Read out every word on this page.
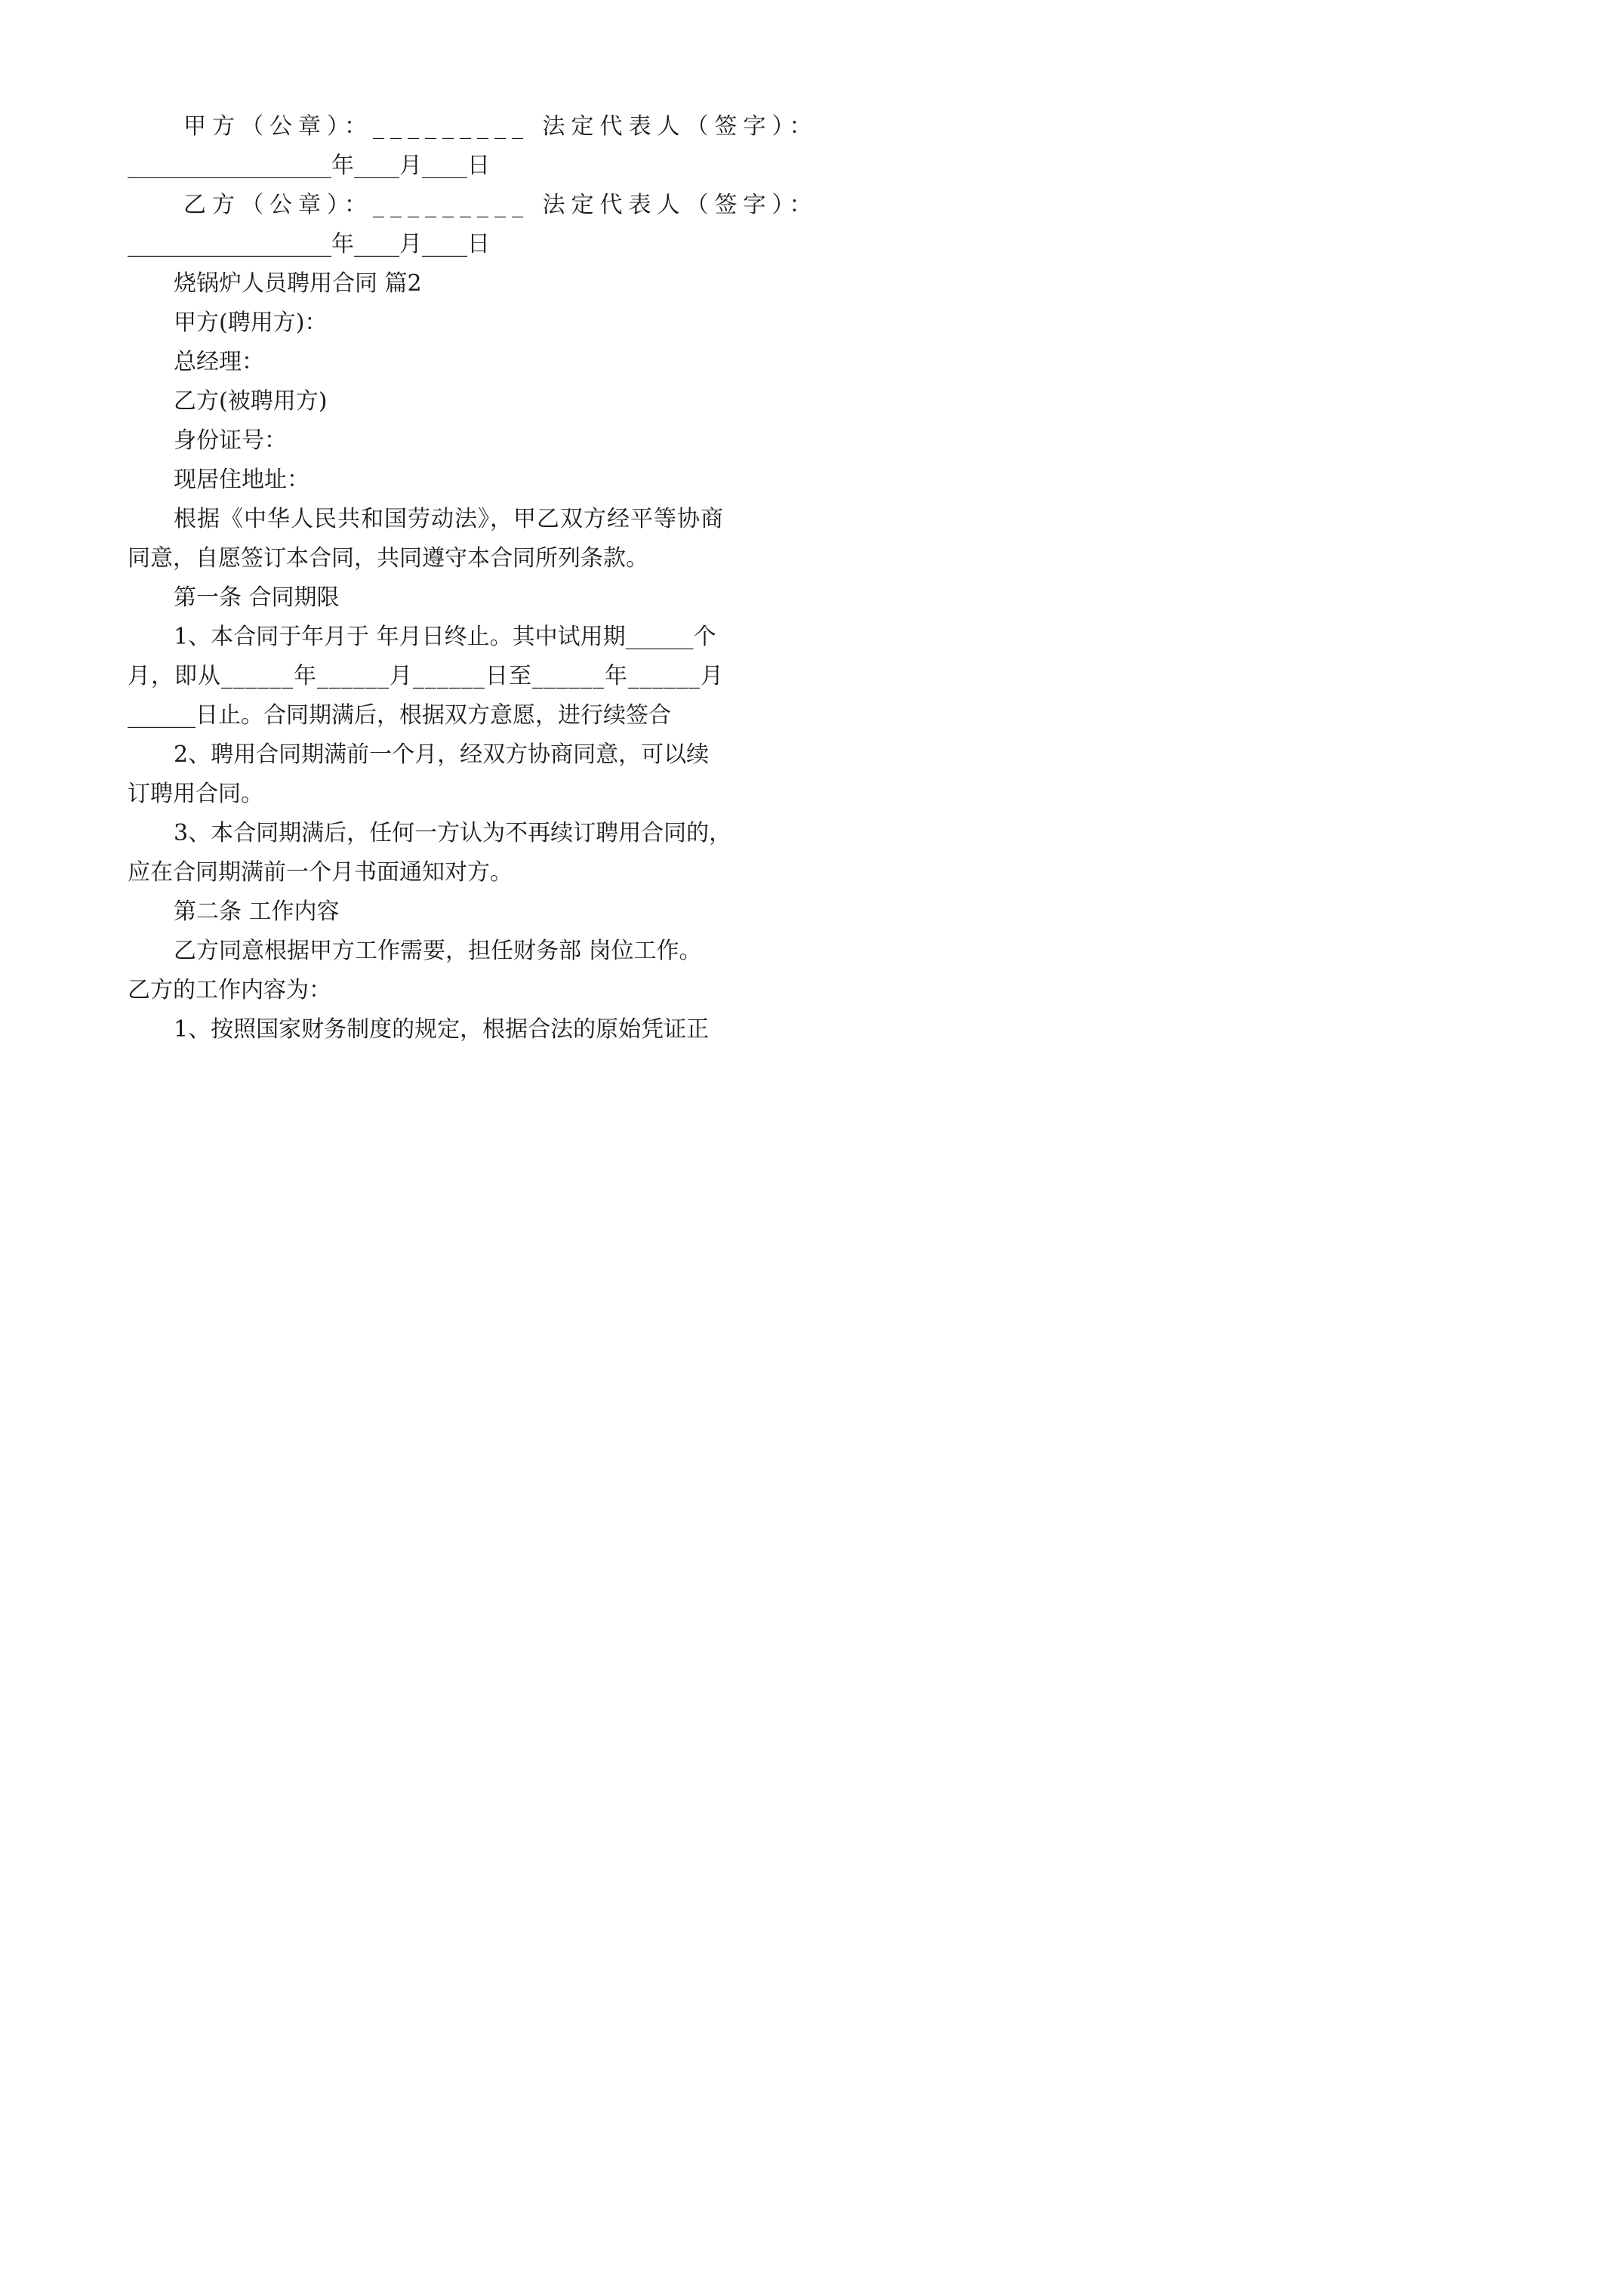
甲方（公章）：_________ 法定代表人（签字）：
__________________年____月____日
乙方（公章）：_________ 法定代表人（签字）：
__________________年____月____日
烧锅炉人员聘用合同 篇2
甲方(聘用方)：
总经理：
乙方(被聘用方)
身份证号：
现居住地址：
根据《中华人民共和国劳动法》，甲乙双方经平等协商
同意，自愿签订本合同，共同遵守本合同所列条款。
第一条 合同期限
1、本合同于年月于 年月日终止。其中试用期______个
月，即从______年______月______日至______年______月
______日止。合同期满后，根据双方意愿，进行续签合
2、聘用合同期满前一个月，经双方协商同意，可以续
订聘用合同。
3、本合同期满后，任何一方认为不再续订聘用合同的，
应在合同期满前一个月书面通知对方。
第二条 工作内容
乙方同意根据甲方工作需要，担任财务部 岗位工作。
乙方的工作内容为：
1、按照国家财务制度的规定，根据合法的原始凭证正
